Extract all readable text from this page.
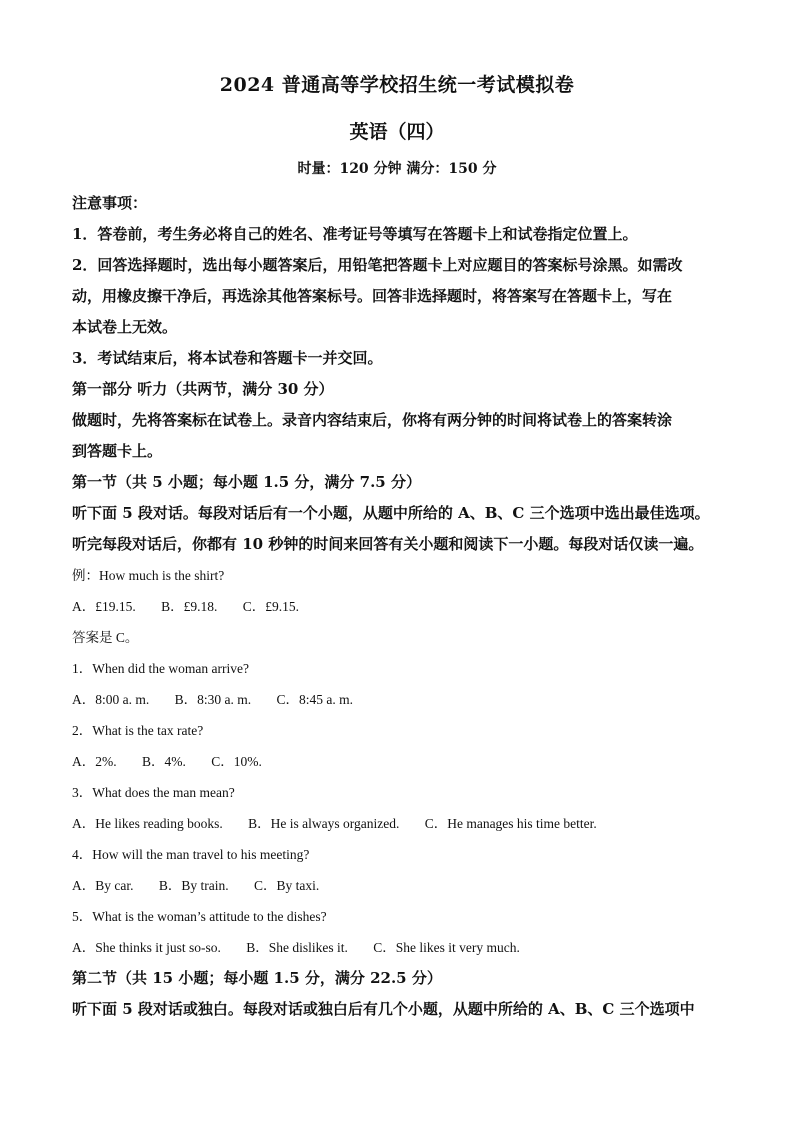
2024 普通高等学校招生统一考试模拟卷

英语（四）

时量：120 分钟 满分：150 分

注意事项：

1．答卷前，考生务必将自己的姓名、准考证号等填写在答题卡上和试卷指定位置上。

2．回答选择题时，选出每小题答案后，用铅笔把答题卡上对应题目的答案标号涂黑。如需改

动，用橡皮擦干净后，再选涂其他答案标号。回答非选择题时，将答案写在答题卡上，写在

本试卷上无效。

3．考试结束后，将本试卷和答题卡一并交回。

第一部分 听力（共两节，满分 30 分）

做题时，先将答案标在试卷上。录音内容结束后，你将有两分钟的时间将试卷上的答案转涂

到答题卡上。

第一节（共 5 小题；每小题 1.5 分，满分 7.5 分）

听下面 5 段对话。每段对话后有一个小题，从题中所给的 A、B、C 三个选项中选出最佳选项。

听完每段对话后，你都有 10 秒钟的时间来回答有关小题和阅读下一小题。每段对话仅读一遍。

例：How much is the shirt?

A．£19.15. B．£9.18. C．£9.15.

答案是 C。

1．When did the woman arrive?

A．8:00 a. m. B．8:30 a. m. C．8:45 a. m.

2．What is the tax rate?

A．2%. B．4%. C．10%.

3．What does the man mean?

A．He likes reading books. B．He is always organized. C．He manages his time better.

4．How will the man travel to his meeting?

A．By car. B．By train. C．By taxi.

5．What is the woman’s attitude to the dishes?

A．She thinks it just so-so. B．She dislikes it. C．She likes it very much.

第二节（共 15 小题；每小题 1.5 分，满分 22.5 分）

听下面 5 段对话或独白。每段对话或独白后有几个小题，从题中所给的 A、B、C 三个选项中
